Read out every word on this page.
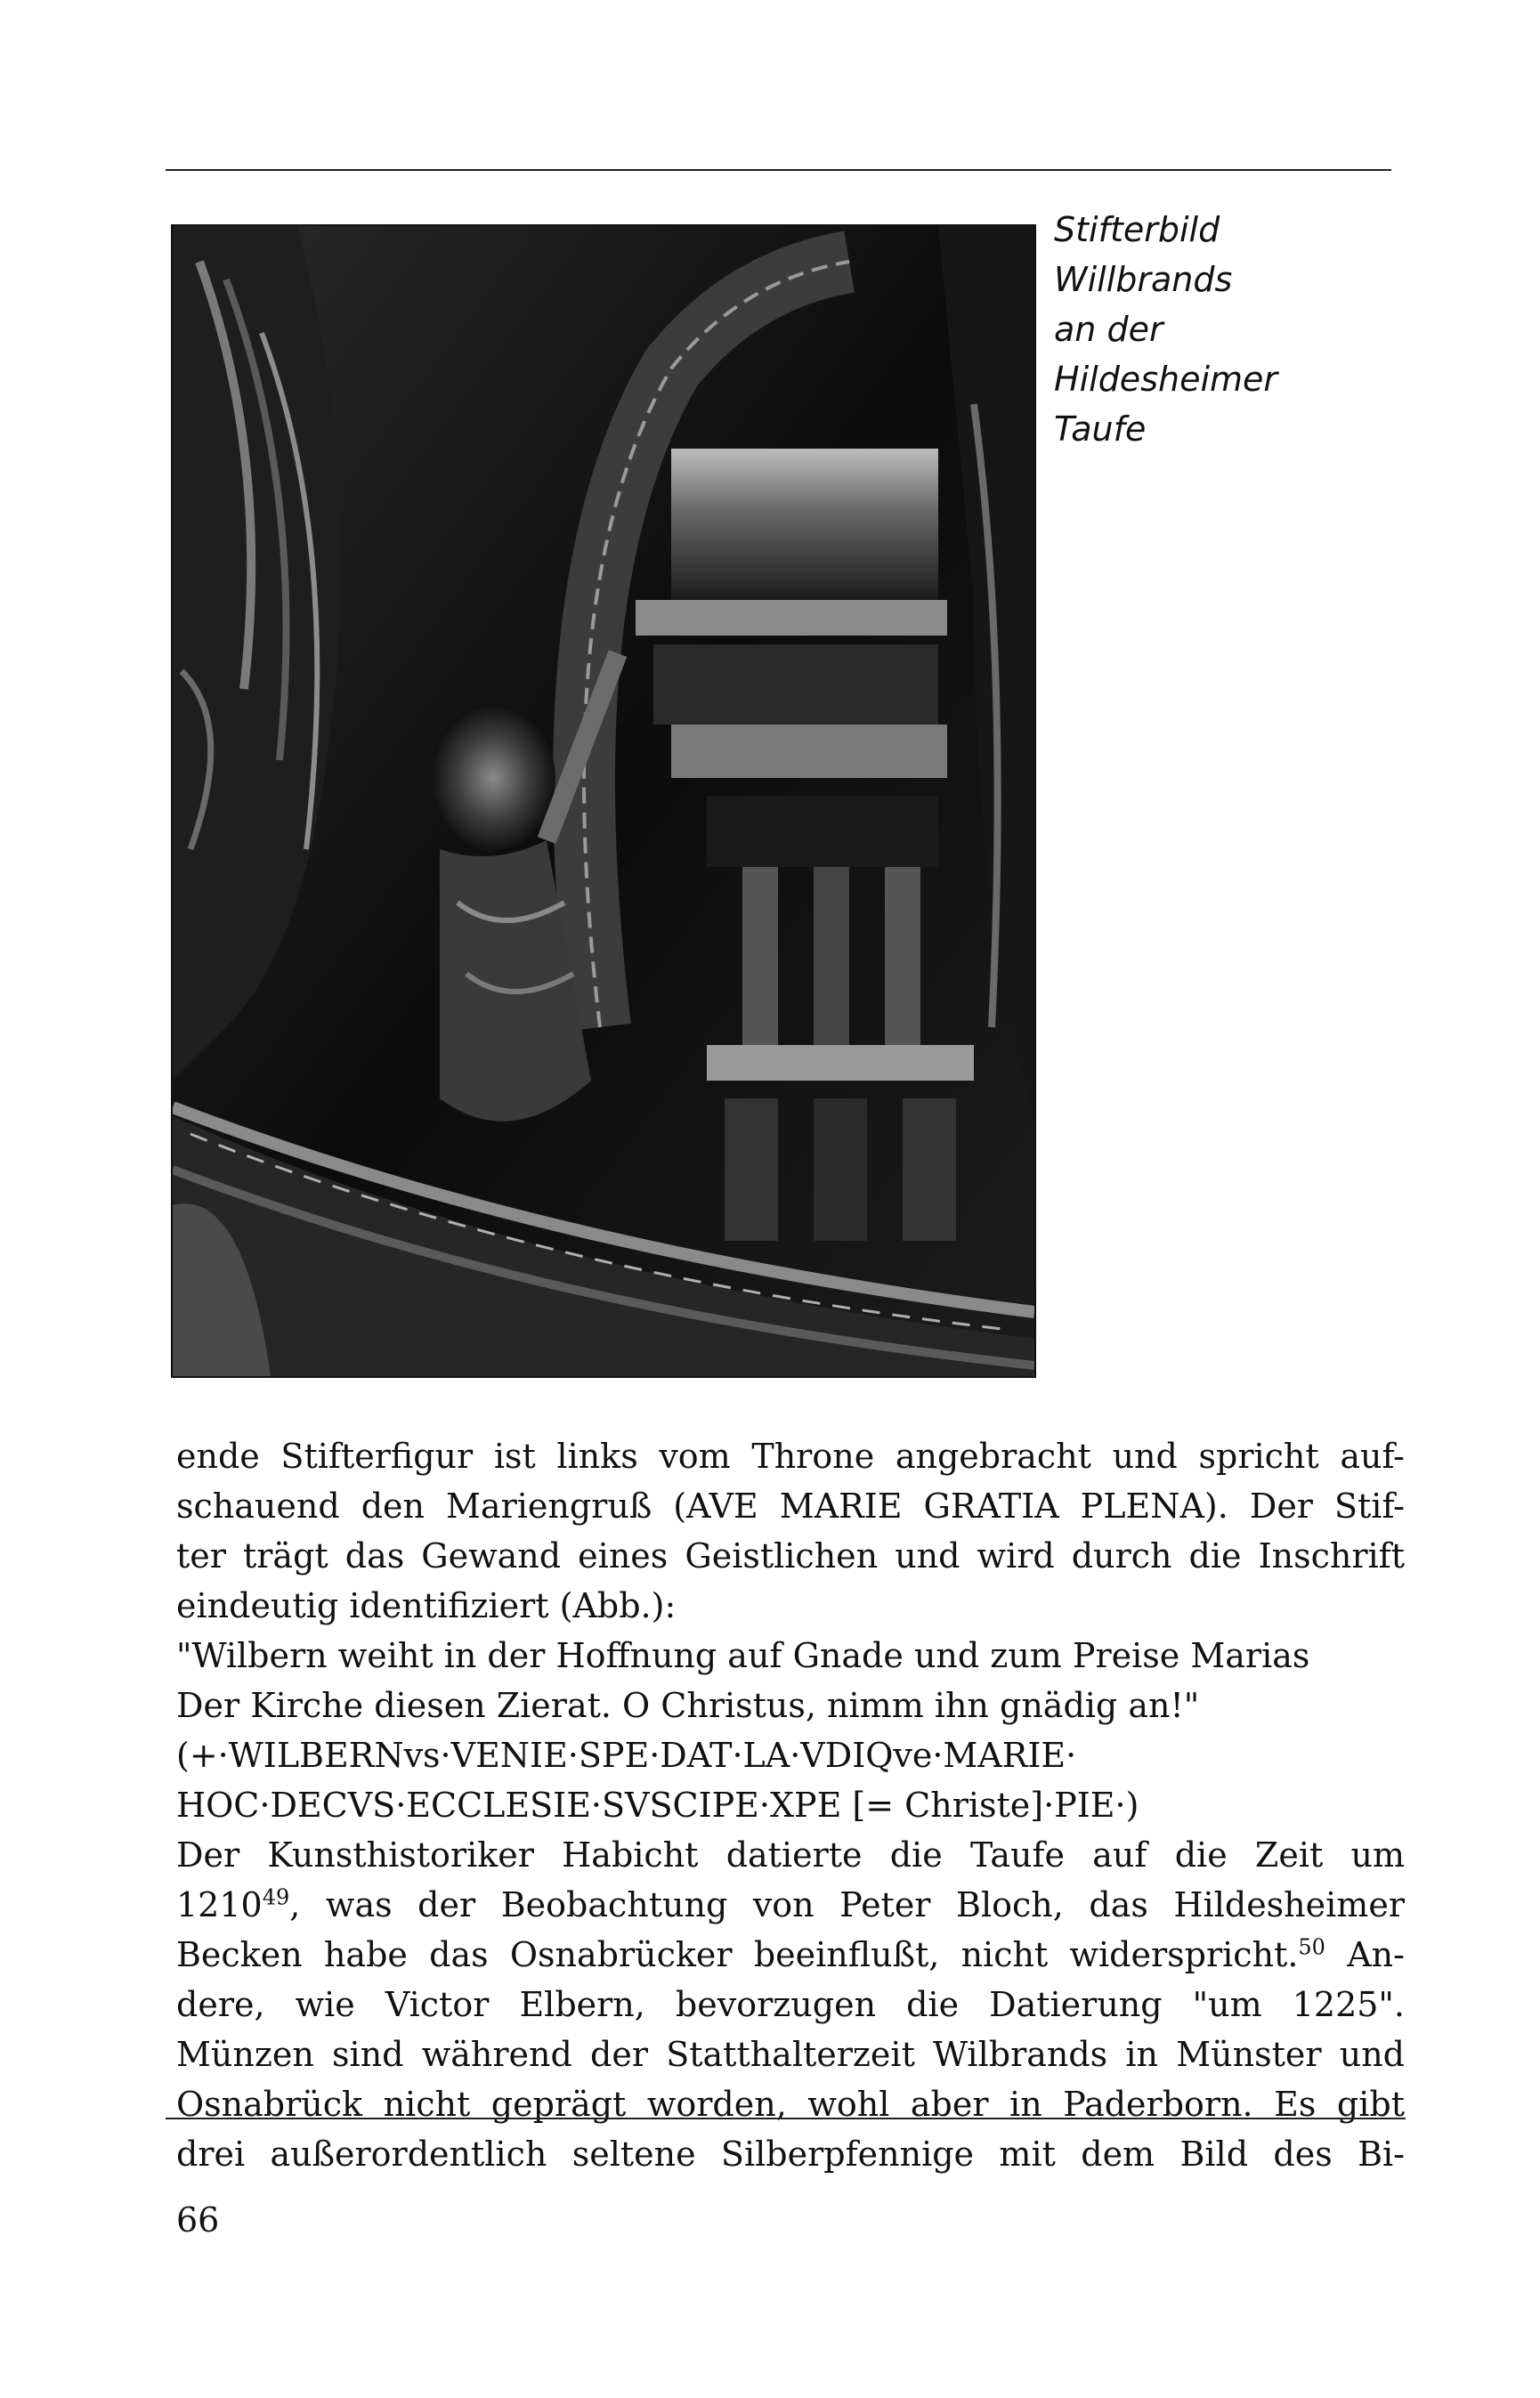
Stifterbild
Willbrands
an der
Hildesheimer
Taufe
ende Stifterfigur ist links vom Throne angebracht und spricht auf-
schauend den Mariengruß (AVE MARIE GRATIA PLENA). Der Stif-
ter trägt das Gewand eines Geistlichen und wird durch die Inschrift
eindeutig identifiziert (Abb.):
"Wilbern weiht in der Hoffnung auf Gnade und zum Preise Marias
Der Kirche diesen Zierat. O Christus, nimm ihn gnädig an!"
(+·WILBERNvs·VENIE·SPE·DAT·LA·VDIQve·MARIE·
HOC·DECVS·ECCLESIE·SVSCIPE·XPE [= Christe]·PIE·)
Der Kunsthistoriker Habicht datierte die Taufe auf die Zeit um
1210$^{49}$, was der Beobachtung von Peter Bloch, das Hildesheimer
Becken habe das Osnabrücker beeinflußt, nicht widerspricht.$^{50}$ An-
dere, wie Victor Elbern, bevorzugen die Datierung "um 1225".
Münzen sind während der Statthalterzeit Wilbrands in Münster und
Osnabrück nicht geprägt worden, wohl aber in Paderborn. Es gibt
drei außerordentlich seltene Silberpfennige mit dem Bild des Bi-
66
